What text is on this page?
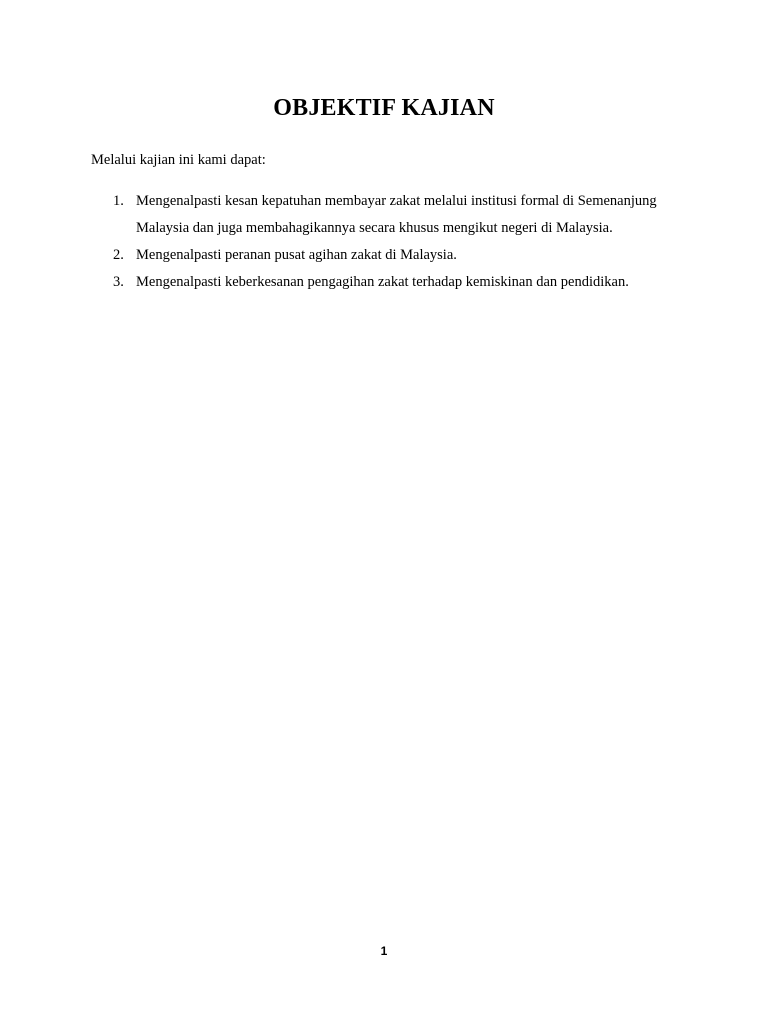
OBJEKTIF KAJIAN

Melalui kajian ini kami dapat:

1. Mengenalpasti kesan kepatuhan membayar zakat melalui institusi formal di Semenanjung Malaysia dan juga membahagikannya secara khusus mengikut negeri di Malaysia.
2. Mengenalpasti peranan pusat agihan zakat di Malaysia.
3. Mengenalpasti keberkesanan pengagihan zakat terhadap kemiskinan dan pendidikan.

1
